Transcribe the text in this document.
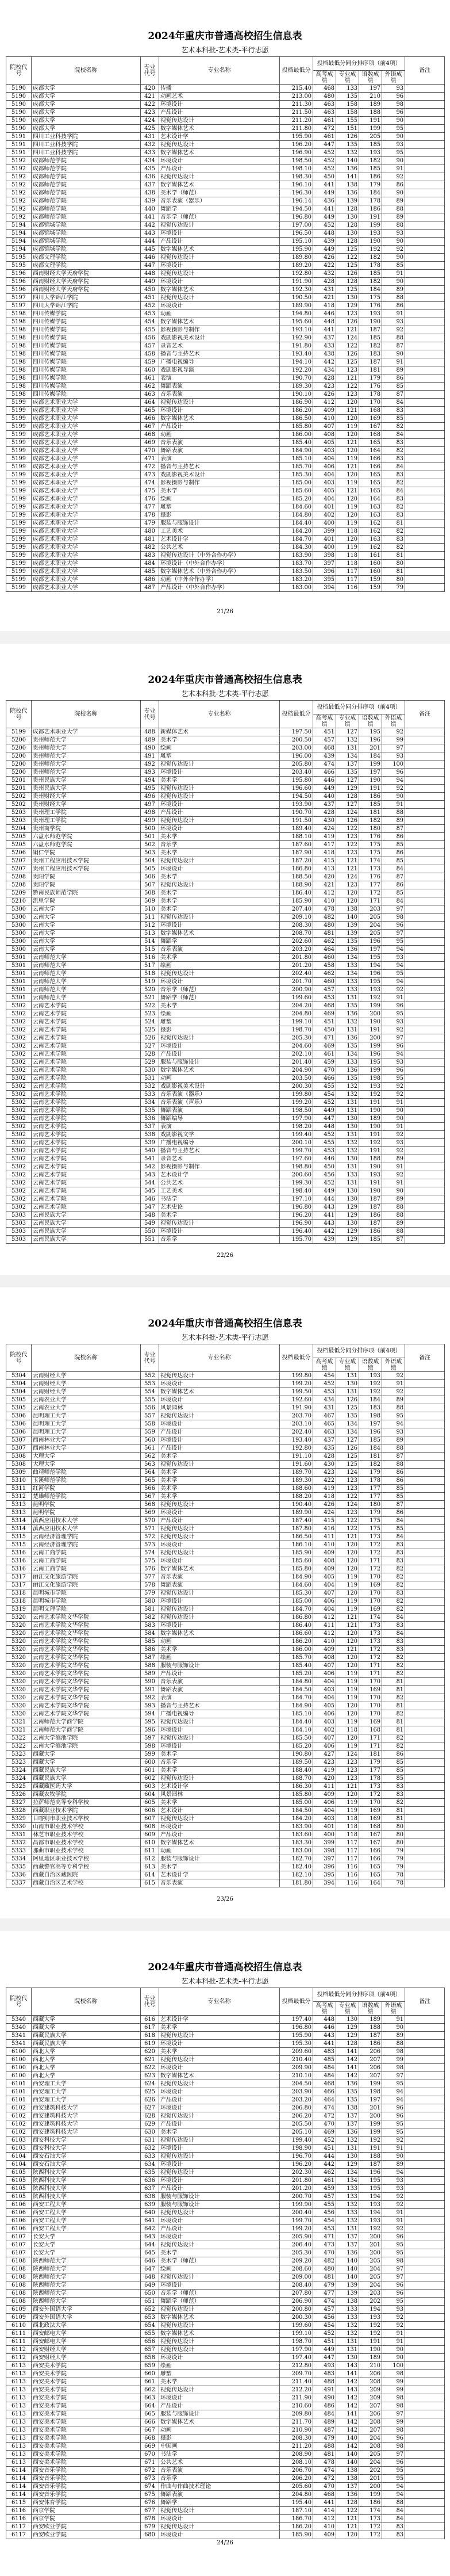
2024年重庆市普通高校招生信息表
艺术本科批-艺术类-平行志愿
院校代号	院校名称	专业代号	专业名称	投档最低分	投档最低分同分排序项（前4项）				备注
					高考成绩	专业成绩	语数成绩	外语成绩	
5190	成都大学	420	传播	215.40	468	133	197	93	
5190	成都大学	421	动画艺术	213.00	480	135	210	96	
5190	成都大学	422	环境设计	211.30	463	158	189	98	
5190	成都大学	423	产品设计	211.50	463	158	188	96	
5190	成都大学	424	视觉传达设计	211.20	461	155	191	90	
5190	成都大学	425	数字媒体艺术	211.80	472	151	199	95	
5191	四川工业科技学院	431	艺术设计学	195.90	461	126	205	90	
5191	四川工业科技学院	432	视觉传达设计	196.20	447	135	185	93	
5191	四川工业科技学院	433	数字媒体艺术	196.90	452	132	193	95	
5192	成都师范学院	434	环境设计	198.50	452	140	182	90	
5192	成都师范学院	435	产品设计	198.10	452	136	185	91	
5192	成都师范学院	436	视觉传达设计	198.30	450	141	186	92	
5192	成都师范学院	437	数字媒体艺术	196.10	441	138	179	86	
5192	成都师范学院	438	美术学（师范）	196.30	449	136	184	90	
5192	成都师范学院	439	音乐表演（器乐）	196.14	436	139	178	89	
5192	成都师范学院	440	舞蹈学	194.50	441	128	186	88	
5192	成都师范学院	441	音乐学（师范）	196.80	449	130	191	89	
5194	成都锦城学院	442	视觉传达设计	197.00	452	128	199	88	
5194	成都锦城学院	443	环境设计	196.50	448	130	193	93	
5194	成都锦城学院	444	产品设计	195.10	439	128	190	90	
5194	成都锦城学院	445	数字媒体艺术	195.90	449	125	192	92	
5195	成都文理学院	446	视觉传达设计	189.80	426	122	182	90	
5195	成都文理学院	447	环境设计	189.20	422	125	178	85	
5196	西南财经大学天府学院	448	视觉传达设计	192.80	432	126	185	91	
5196	西南财经大学天府学院	449	环境设计	191.90	428	128	182	90	
5196	西南财经大学天府学院	450	数字媒体艺术	192.30	431	125	184	89	
5197	四川大学锦江学院	451	视觉传达设计	190.50	421	130	175	88	
5197	四川大学锦江学院	452	环境设计	189.90	418	129	176	86	
5198	四川传媒学院	453	动画	194.80	446	123	193	91	
5198	四川传媒学院	454	数字媒体艺术	195.60	448	126	190	93	
5198	四川传媒学院	455	影视摄影与制作	193.10	441	121	187	92	
5198	四川传媒学院	456	戏剧影视美术设计	192.90	437	124	185	88	
5198	四川传媒学院	457	录音艺术	191.80	433	122	182	87	
5198	四川传媒学院	458	播音与主持艺术	193.40	438	126	183	90	
5198	四川传媒学院	459	广播电视编导	194.10	442	125	187	91	
5198	四川传媒学院	460	戏剧影视导演	192.20	434	123	181	89	
5198	四川传媒学院	461	表演	190.70	428	121	179	86	
5198	四川传媒学院	462	舞蹈表演	189.30	423	122	176	85	
5198	四川传媒学院	463	音乐表演	190.10	426	123	178	87	
5199	成都艺术职业大学	464	视觉传达设计	186.90	412	120	170	84	
5199	成都艺术职业大学	465	环境设计	186.20	409	121	168	83	
5199	成都艺术职业大学	466	数字媒体艺术	186.50	410	120	169	85	
5199	成都艺术职业大学	467	产品设计	185.80	407	119	167	82	
5199	成都艺术职业大学	468	动画	186.00	408	120	168	84	
5199	成都艺术职业大学	469	音乐表演	185.40	405	121	165	83	
5199	成都艺术职业大学	470	舞蹈表演	184.90	403	120	164	82	
5199	成都艺术职业大学	471	表演	185.10	404	119	166	83	
5199	成都艺术职业大学	472	播音与主持艺术	185.70	406	121	166	84	
5199	成都艺术职业大学	473	戏剧影视美术设计	185.30	404	120	165	83	
5199	成都艺术职业大学	474	影视摄影与制作	185.00	403	119	165	82	
5199	成都艺术职业大学	475	美术学	185.60	405	121	165	84	
5199	成都艺术职业大学	476	绘画	185.20	404	120	164	83	
5199	成都艺术职业大学	477	雕塑	184.60	401	119	163	82	
5199	成都艺术职业大学	478	摄影	184.80	402	120	163	83	
5199	成都艺术职业大学	479	服装与服饰设计	184.40	400	119	162	81	
5199	成都艺术职业大学	480	工艺美术	184.20	399	118	162	82	
5199	成都艺术职业大学	481	艺术设计学	184.70	401	120	163	83	
5199	成都艺术职业大学	482	公共艺术	184.30	400	119	162	82	
5199	成都艺术职业大学	483	视觉传达设计（中外合作办学）	183.90	398	118	161	81	
5199	成都艺术职业大学	484	环境设计（中外合作办学）	183.70	397	118	160	80	
5199	成都艺术职业大学	485	数字媒体艺术（中外合作办学）	183.50	396	117	160	81	
5199	成都艺术职业大学	486	动画（中外合作办学）	183.20	395	117	159	80	
5199	成都艺术职业大学	487	产品设计（中外合作办学）	183.00	394	116	159	79	
21/26
2024年重庆市普通高校招生信息表
艺术本科批-艺术类-平行志愿
院校代号	院校名称	专业代号	专业名称	投档最低分	投档最低分同分排序项（前4项）				备注
					高考成绩	专业成绩	语数成绩	外语成绩	
5199	成都艺术职业大学	488	新媒体艺术	197.50	451	127	195	92	
5200	贵州师范大学	489	美术学	200.50	457	132	196	99	
5200	贵州师范大学	490	绘画	203.00	468	131	201	97	
5200	贵州师范大学	491	雕塑	196.00	439	134	184	93	
5200	贵州师范大学	492	视觉传达设计	205.80	474	137	199	100	
5200	贵州师范大学	493	环境设计	203.40	466	135	197	96	
5201	贵州民族大学	494	美术学	195.80	446	127	190	94	
5201	贵州民族大学	495	视觉传达设计	196.60	449	129	191	92	
5202	贵州财经大学	496	视觉传达设计	194.50	440	128	186	90	
5202	贵州财经大学	497	环境设计	193.90	437	127	185	91	
5203	贵州理工学院	498	产品设计	190.70	428	124	181	88	
5203	贵州理工学院	499	视觉传达设计	191.50	430	126	182	89	
5204	贵州商学院	500	环境设计	189.40	424	122	180	87	
5205	六盘水师范学院	501	美术学	188.10	419	123	176	86	
5205	六盘水师范学院	502	音乐学	187.60	417	122	175	85	
5206	铜仁学院	503	美术学	187.90	418	123	175	86	
5207	贵州工程应用技术学院	504	视觉传达设计	187.20	415	121	174	85	
5207	贵州工程应用技术学院	505	环境设计	186.80	413	121	173	84	
5208	贵阳学院	506	美术学	188.50	420	124	176	87	
5208	贵阳学院	507	视觉传达设计	188.90	421	123	177	86	
5209	黔南民族师范学院	508	美术学	186.40	412	120	172	85	
5210	凯里学院	509	美术学	185.90	410	120	171	84	
5300	云南大学	510	美术学	207.40	478	138	203	97	
5300	云南大学	511	视觉传达设计	209.10	482	140	205	98	
5300	云南大学	512	环境设计	208.30	480	139	204	96	
5300	云南大学	513	数字媒体艺术	208.70	481	139	205	97	
5300	云南大学	514	舞蹈学	202.60	462	135	196	95	
5300	云南大学	515	音乐表演	203.20	464	136	197	94	
5301	云南师范大学	516	美术学	201.80	460	134	195	93	
5301	云南师范大学	517	绘画	201.20	458	133	194	94	
5301	云南师范大学	518	视觉传达设计	202.40	462	134	196	95	
5301	云南师范大学	519	环境设计	201.70	460	133	195	94	
5301	云南师范大学	520	音乐学（师范）	200.90	457	133	193	92	
5301	云南师范大学	521	舞蹈学（师范）	199.60	453	131	192	91	
5302	云南艺术学院	522	美术学	204.20	468	135	199	96	
5302	云南艺术学院	523	绘画	204.80	469	136	200	95	
5302	云南艺术学院	524	雕塑	199.10	451	132	190	93	
5302	云南艺术学院	525	摄影	198.70	450	131	191	92	
5302	云南艺术学院	526	视觉传达设计	205.30	471	136	200	97	
5302	云南艺术学院	527	环境设计	204.60	469	135	199	96	
5302	云南艺术学院	528	产品设计	202.10	461	134	196	94	
5302	云南艺术学院	529	服装与服饰设计	201.40	459	133	195	93	
5302	云南艺术学院	530	数字媒体艺术	204.90	470	136	199	96	
5302	云南艺术学院	531	动画	203.50	466	135	198	95	
5302	云南艺术学院	532	戏剧影视美术设计	200.30	455	132	193	92	
5302	云南艺术学院	533	音乐表演（器乐）	199.80	454	132	192	92	
5302	云南艺术学院	534	音乐表演（声乐）	199.20	452	131	191	91	
5302	云南艺术学院	535	舞蹈表演	198.50	449	131	190	90	
5302	云南艺术学院	536	舞蹈编导	197.90	447	130	189	90	
5302	云南艺术学院	537	表演	198.20	448	130	190	91	
5302	云南艺术学院	538	戏剧影视文学	199.40	452	131	191	92	
5302	云南艺术学院	539	广播电视编导	200.10	455	132	192	93	
5302	云南艺术学院	540	播音与主持艺术	199.70	453	132	191	92	
5302	云南艺术学院	541	录音艺术	197.60	446	130	188	89	
5302	云南艺术学院	542	影视摄影与制作	198.80	450	131	190	91	
5302	云南艺术学院	543	艺术设计学	200.60	456	133	193	92	
5302	云南艺术学院	544	公共艺术	199.30	452	131	191	91	
5302	云南艺术学院	545	工艺美术	198.40	449	130	190	90	
5302	云南艺术学院	546	书法学	197.10	444	130	187	89	
5302	云南艺术学院	547	艺术史论	196.80	443	129	187	88	
5303	云南民族大学	548	美术学	196.20	441	129	186	88	
5303	云南民族大学	549	视觉传达设计	196.90	443	130	187	89	
5303	云南民族大学	550	环境设计	196.40	442	129	186	88	
5303	云南民族大学	551	音乐学	195.70	439	129	185	87	
22/26
2024年重庆市普通高校招生信息表
艺术本科批-艺术类-平行志愿
院校代号	院校名称	专业代号	专业名称	投档最低分	投档最低分同分排序项（前4项）				备注
					高考成绩	专业成绩	语数成绩	外语成绩	
5304	云南财经大学	552	视觉传达设计	199.80	454	131	193	92	
5304	云南财经大学	553	环境设计	199.20	452	130	192	91	
5304	云南财经大学	554	数字媒体艺术	199.50	453	131	192	92	
5305	云南农业大学	555	环境设计	192.60	434	126	184	89	
5305	云南农业大学	556	风景园林	191.90	431	125	183	88	
5306	昆明理工大学	557	视觉传达设计	203.70	467	135	198	95	
5306	昆明理工大学	558	环境设计	203.10	465	134	197	94	
5306	昆明理工大学	559	产品设计	202.40	463	134	196	93	
5307	西南林业大学	560	环境设计	193.40	437	127	185	89	
5307	西南林业大学	561	产品设计	192.80	435	126	184	88	
5308	大理大学	562	美术学	191.10	428	125	181	87	
5308	大理大学	563	视觉传达设计	191.60	430	125	182	88	
5309	曲靖师范学院	564	美术学	189.70	423	124	179	86	
5310	玉溪师范学院	565	美术学	189.30	422	123	178	86	
5311	红河学院	566	美术学	188.60	419	123	177	85	
5312	楚雄师范学院	567	美术学	188.20	418	122	177	85	
5313	昆明学院	568	视觉传达设计	190.40	426	124	180	87	
5313	昆明学院	569	环境设计	189.90	424	123	179	86	
5314	滇西应用技术大学	570	产品设计	187.40	415	122	175	84	
5314	滇西应用技术大学	571	视觉传达设计	187.80	416	122	175	85	
5315	云南经济管理学院	572	视觉传达设计	186.50	411	121	173	84	
5315	云南经济管理学院	573	环境设计	186.10	410	120	172	83	
5316	云南工商学院	574	视觉传达设计	185.90	409	120	172	83	
5316	云南工商学院	575	环境设计	185.60	408	120	171	83	
5316	云南工商学院	576	数字媒体艺术	185.80	409	120	172	82	
5317	丽江文化旅游学院	577	音乐表演	184.90	405	119	170	82	
5317	丽江文化旅游学院	578	舞蹈表演	184.60	404	119	169	82	
5318	昆明城市学院	579	视觉传达设计	185.30	407	120	170	83	
5318	昆明城市学院	580	环境设计	185.00	406	119	170	82	
5319	昆明文理学院	581	视觉传达设计	184.70	404	119	169	82	
5320	云南艺术学院文华学院	582	视觉传达设计	186.80	412	121	174	84	
5320	云南艺术学院文华学院	583	环境设计	186.40	411	121	173	83	
5320	云南艺术学院文华学院	584	数字媒体艺术	186.60	412	120	173	84	
5320	云南艺术学院文华学院	585	动画	186.20	410	120	173	83	
5320	云南艺术学院文华学院	586	美术学	186.00	409	121	172	83	
5320	云南艺术学院文华学院	587	绘画	185.70	408	120	172	82	
5320	云南艺术学院文华学院	588	服装与服饰设计	185.40	407	120	171	82	
5320	云南艺术学院文华学院	589	产品设计	185.20	406	119	171	82	
5320	云南艺术学院文华学院	590	音乐表演	184.80	404	119	170	81	
5320	云南艺术学院文华学院	591	舞蹈表演	184.50	403	119	169	81	
5320	云南艺术学院文华学院	592	表演	184.70	404	119	170	82	
5320	云南艺术学院文华学院	593	播音与主持艺术	184.90	405	120	170	81	
5320	云南艺术学院文华学院	594	广播电视编导	185.10	406	120	170	82	
5321	云南师范大学商学院	595	视觉传达设计	184.40	403	119	169	81	
5321	云南师范大学商学院	596	环境设计	184.10	402	118	168	81	
5322	云南大学滇池学院	597	视觉传达设计	185.50	407	120	171	82	
5322	云南大学滇池学院	598	环境设计	185.20	406	119	171	82	
5323	西藏大学	599	美术学	190.80	427	124	181	86	
5323	西藏大学	600	音乐学	189.50	423	123	179	85	
5324	西藏民族大学	601	美术学	188.40	419	123	177	85	
5324	西藏民族大学	602	视觉传达设计	188.70	420	123	178	85	
5325	西藏藏医药大学	603	艺术设计学	186.30	411	121	173	83	
5326	西藏农牧学院	604	风景园林	185.80	409	120	172	83	
5327	拉萨师范高等专科学校	605	美术学	185.00	406	119	170	82	
5328	西藏职业技术学院	606	艺术设计	184.50	404	119	169	81	
5329	日喀则市职业技术学校	607	视觉传达设计	184.20	403	118	169	81	
5330	山南市职业技术学校	608	环境设计	183.90	401	118	168	80	
5331	林芝市职业技术学校	609	产品设计	183.60	400	118	167	80	
5332	昌都市职业技术学校	610	数字媒体艺术	183.30	399	117	167	80	
5333	那曲市职业技术学校	611	动画	183.00	398	117	166	79	
5334	阿里地区职业技术学校	612	服装与服饰设计	182.70	397	117	166	79	
5335	西藏警官高等专科学校	613	美术学	182.40	396	116	165	79	
5336	西藏自治区藏医院	614	艺术设计学	182.10	395	116	165	78	
5337	西藏自治区艺术学校	615	音乐表演	181.80	394	116	164	78	
23/26
2024年重庆市普通高校招生信息表
艺术本科批-艺术类-平行志愿
院校代号	院校名称	专业代号	专业名称	投档最低分	投档最低分同分排序项（前4项）				备注
					高考成绩	专业成绩	语数成绩	外语成绩	
5340	西藏大学	616	艺术设计学	197.40	448	130	189	91	
5340	西藏大学	617	美术学	196.80	446	129	188	90	
5341	西藏民族大学	618	视觉传达设计	195.90	443	129	187	89	
5341	西藏民族大学	619	环境设计	195.30	441	128	186	88	
6100	西北大学	620	美术学	209.60	483	141	206	98	
6100	西北大学	621	视觉传达设计	210.40	485	142	207	99	
6100	西北大学	622	环境设计	209.90	484	141	206	98	
6100	西北大学	623	数字媒体艺术	210.10	484	142	207	97	
6101	西安理工大学	624	视觉传达设计	204.50	468	136	199	95	
6101	西安理工大学	625	环境设计	203.90	466	135	198	94	
6101	西安理工大学	626	产品设计	203.20	464	135	197	94	
6102	西安建筑科技大学	627	环境设计	206.80	474	138	201	96	
6102	西安建筑科技大学	628	视觉传达设计	206.20	472	137	200	96	
6102	西安建筑科技大学	629	产品设计	205.50	470	137	199	95	
6102	西安建筑科技大学	630	美术学	205.10	469	136	199	95	
6103	西安科技大学	631	视觉传达设计	199.40	452	132	192	92	
6103	西安科技大学	632	环境设计	198.90	451	131	191	91	
6104	西安石油大学	633	视觉传达设计	196.70	444	130	188	90	
6104	西安石油大学	634	环境设计	196.20	442	129	187	89	
6105	陕西科技大学	635	视觉传达设计	202.30	462	134	196	94	
6105	陕西科技大学	636	环境设计	201.80	461	134	195	93	
6105	陕西科技大学	637	产品设计	201.20	459	133	195	93	
6105	陕西科技大学	638	服装与服饰设计	200.70	457	133	194	92	
6106	西安工程大学	639	服装与服饰设计	199.90	455	132	193	92	
6106	西安工程大学	640	视觉传达设计	200.40	456	133	194	91	
6106	西安工程大学	641	环境设计	199.70	454	132	193	91	
6106	西安工程大学	642	产品设计	199.20	453	131	192	92	
6107	长安大学	643	环境设计	205.90	471	137	200	96	
6107	长安大学	644	视觉传达设计	206.40	473	137	201	95	
6107	长安大学	645	美术学	205.30	470	136	200	95	
6108	陕西师范大学	646	美术学（师范）	209.20	482	140	205	98	
6108	陕西师范大学	647	绘画	208.60	480	140	204	97	
6108	陕西师范大学	648	视觉传达设计	209.00	481	140	205	97	
6108	陕西师范大学	649	环境设计	208.40	479	139	204	96	
6108	陕西师范大学	650	音乐学（师范）	207.80	477	139	203	96	
6108	陕西师范大学	651	舞蹈学（师范）	206.90	474	138	202	95	
6109	西安外国语大学	652	视觉传达设计	200.80	457	133	194	93	
6109	西安外国语大学	653	数字媒体艺术	200.30	456	133	193	92	
6110	西北政法大学	654	视觉传达设计	199.60	454	132	192	92	
6111	西安邮电大学	655	数字媒体艺术	199.10	452	132	192	91	
6111	西安邮电大学	656	视觉传达设计	198.70	451	131	191	91	
6112	西安财经大学	657	视觉传达设计	197.90	449	131	190	90	
6112	西安财经大学	658	环境设计	197.40	447	130	189	90	
6113	西安美术学院	659	绘画	212.80	493	143	210	100	
6113	西安美术学院	660	雕塑	209.70	483	141	206	98	
6113	西安美术学院	661	美术学	211.40	488	142	208	99	
6113	西安美术学院	662	视觉传达设计	212.20	491	143	209	99	
6113	西安美术学院	663	环境设计	211.90	490	142	209	98	
6113	西安美术学院	664	产品设计	210.60	486	142	207	98	
6113	西安美术学院	665	服装与服饰设计	209.80	484	141	206	97	
6113	西安美术学院	666	数字媒体艺术	211.70	489	142	208	99	
6113	西安美术学院	667	动画	210.90	487	142	207	98	
6113	西安美术学院	668	摄影	208.30	479	140	204	96	
6113	西安美术学院	669	中国画	211.20	488	142	208	98	
6113	西安美术学院	670	书法学	208.90	481	140	205	97	
6113	西安美术学院	671	公共艺术	208.10	478	140	204	96	
6114	西安音乐学院	672	音乐表演	206.70	474	138	202	95	
6114	西安音乐学院	673	音乐学	206.20	472	138	201	95	
6114	西安音乐学院	674	作曲与作曲技术理论	205.60	470	137	200	94	
6114	西安音乐学院	675	舞蹈表演	204.80	468	136	199	94	
6115	西安体育学院	676	舞蹈学	195.40	441	128	186	88	
6116	西京学院	677	视觉传达设计	187.10	414	122	174	84	
6116	西京学院	678	环境设计	186.70	412	121	173	84	
6117	西安欧亚学院	679	视觉传达设计	186.20	410	121	172	83	
6117	西安欧亚学院	680	环境设计	185.90	409	120	172	83	
24/26
